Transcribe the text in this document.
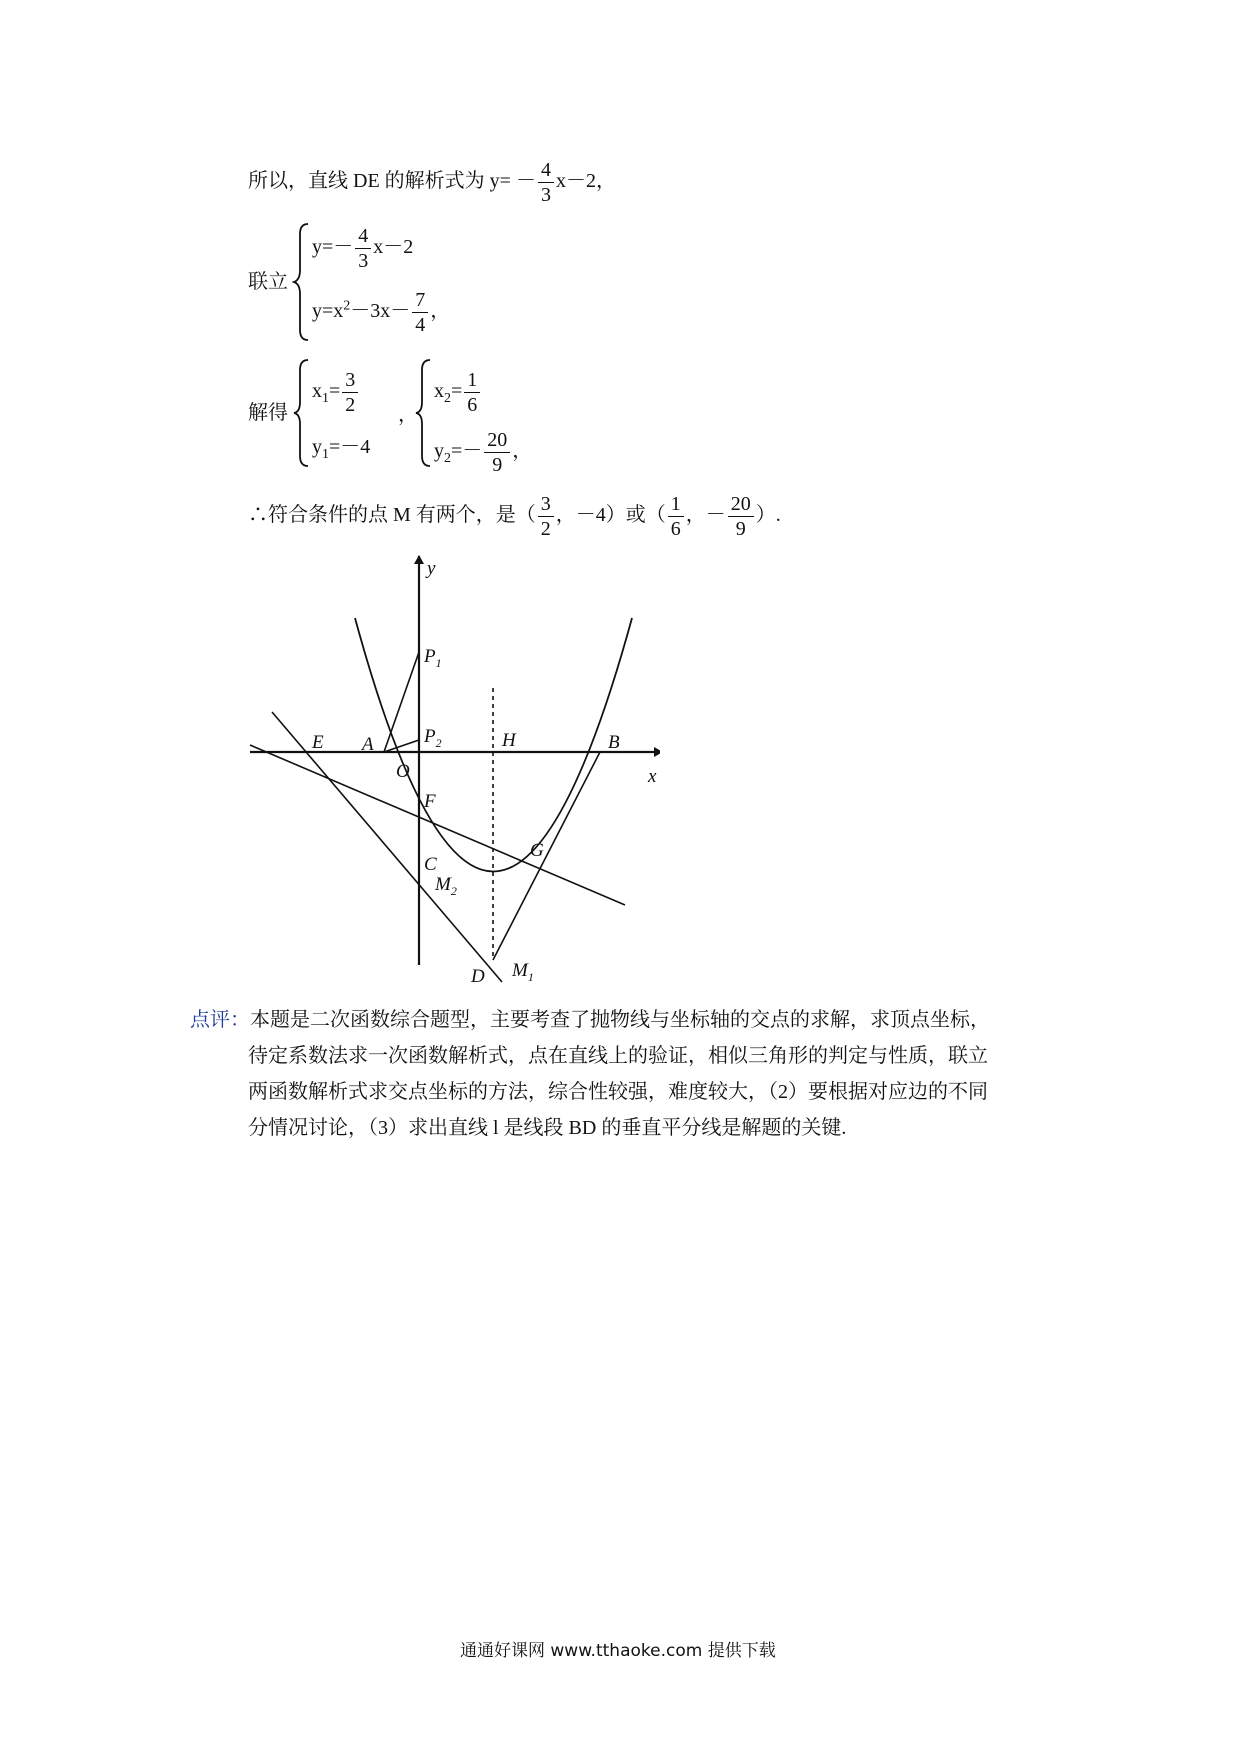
所以，直线 DE 的解析式为 $y= - \frac{4}{3} x-2$，
联立
$y=- \frac{4}{3} x-2$
$y=x^2-3x- \frac{7}{4}$ ，
解得
$x_1= \frac{3}{2}$
$y_1=-4$
，
$x_2= \frac{1}{6}$
$y_2=- \frac{20}{9}$ ，
∴符合条件的点 M 有两个，是（ $\frac{3}{2}$ ，－4）或（ $\frac{1}{6}$ ，－ $\frac{20}{9}$ ）.
y
x
$P_1$
$P_2$
E A
O
H	B
F
G
C
$M_2$
D $M_1$
点评：本题是二次函数综合题型，主要考查了抛物线与坐标轴的交点的求解，求顶点坐标，
待定系数法求一次函数解析式，点在直线上的验证，相似三角形的判定与性质，联立
两函数解析式求交点坐标的方法，综合性较强，难度较大，（2）要根据对应边的不同
分情况讨论，（3）求出直线 l 是线段 BD 的垂直平分线是解题的关键.
通通好课网 www.tthaoke.com 提供下载
